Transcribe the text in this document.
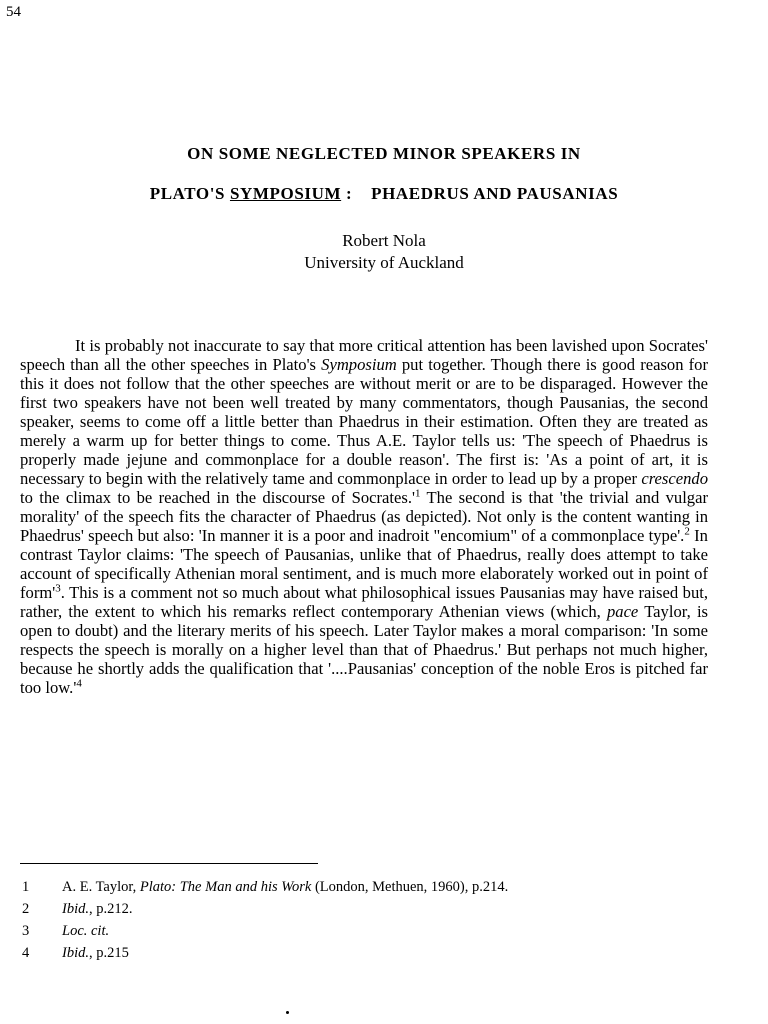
54
ON SOME NEGLECTED MINOR SPEAKERS IN
PLATO'S SYMPOSIUM : PHAEDRUS AND PAUSANIAS
Robert Nola
University of Auckland

It is probably not inaccurate to say that more critical attention has been lavished upon Socrates' speech than all the other speeches in Plato's Symposium put together. Though there is good reason for this it does not follow that the other speeches are without merit or are to be disparaged. However the first two speakers have not been well treated by many commentators, though Pausanias, the second speaker, seems to come off a little better than Phaedrus in their estimation. Often they are treated as merely a warm up for better things to come. Thus A.E. Taylor tells us: 'The speech of Phaedrus is properly made jejune and commonplace for a double reason'. The first is: 'As a point of art, it is necessary to begin with the relatively tame and commonplace in order to lead up by a proper crescendo to the climax to be reached in the discourse of $Socrates.'^1$ The second is that 'the trivial and vulgar morality' of the speech fits the character of Phaedrus (as depicted). Not only is the content wanting in Phaedrus' speech but also: 'In manner it is a poor and inadroit "encomium" of a commonplace type'.$^2$ In contrast Taylor claims: 'The speech of Pausanias, unlike that of Phaedrus, really does attempt to take account of specifically Athenian moral sentiment, and is much more elaborately worked out in point of $form'^3$. This is a comment not so much about what philosophical issues Pausanias may have raised but, rather, the extent to which his remarks reflect contemporary Athenian views (which, pace Taylor, is open to doubt) and the literary merits of his speech. Later Taylor makes a moral comparison: 'In some respects the speech is morally on a higher level than that of Phaedrus.' But perhaps not much higher, because he shortly adds the qualification that '....Pausanias' conception of the noble Eros is pitched far too $low.'^4$

1	A. E. Taylor, Plato: The Man and his Work (London, Methuen, 1960), p.214.
2	Ibid., p.212.
3	Loc. cit.
4	Ibid., p.215
